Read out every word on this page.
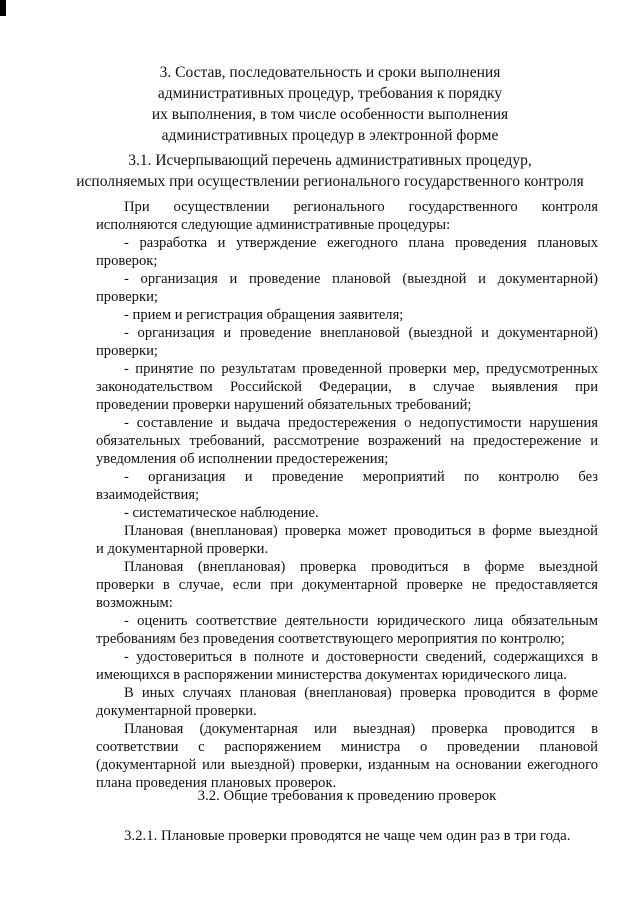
3. Состав, последовательность и сроки выполнения
административных процедур, требования к порядку
их выполнения, в том числе особенности выполнения
административных процедур в электронной форме
3.1. Исчерпывающий перечень административных процедур,
исполняемых при осуществлении регионального государственного контроля

При осуществлении регионального государственного контроля
исполняются следующие административные процедуры:

- разработка и утверждение ежегодного плана проведения плановых
проверок;

- организация и проведение плановой (выездной и документарной)
проверки;

- прием и регистрация обращения заявителя;

- организация и проведение внеплановой (выездной и документарной)
проверки;

- принятие по результатам проведенной проверки мер, предусмотренных
законодательством Российской Федерации, в случае выявления при
проведении проверки нарушений обязательных требований;

- составление и выдача предостережения о недопустимости нарушения
обязательных требований, рассмотрение возражений на предостережение и
уведомления об исполнении предостережения;

- организация и проведение мероприятий по контролю без
взаимодействия;

- систематическое наблюдение.

Плановая (внеплановая) проверка может проводиться в форме выездной
и документарной проверки.

Плановая (внеплановая) проверка проводиться в форме выездной
проверки в случае, если при документарной проверке не предоставляется
возможным:

- оценить соответствие деятельности юридического лица обязательным
требованиям без проведения соответствующего мероприятия по контролю;

- удостовериться в полноте и достоверности сведений, содержащихся в
имеющихся в распоряжении министерства документах юридического лица.

В иных случаях плановая (внеплановая) проверка проводится в форме
документарной проверки.

Плановая (документарная или выездная) проверка проводится в
соответствии с распоряжением министра о проведении плановой
(документарной или выездной) проверки, изданным на основании ежегодного
плана проведения плановых проверок.

3.2. Общие требования к проведению проверок
3.2.1. Плановые проверки проводятся не чаще чем один раз в три года.
